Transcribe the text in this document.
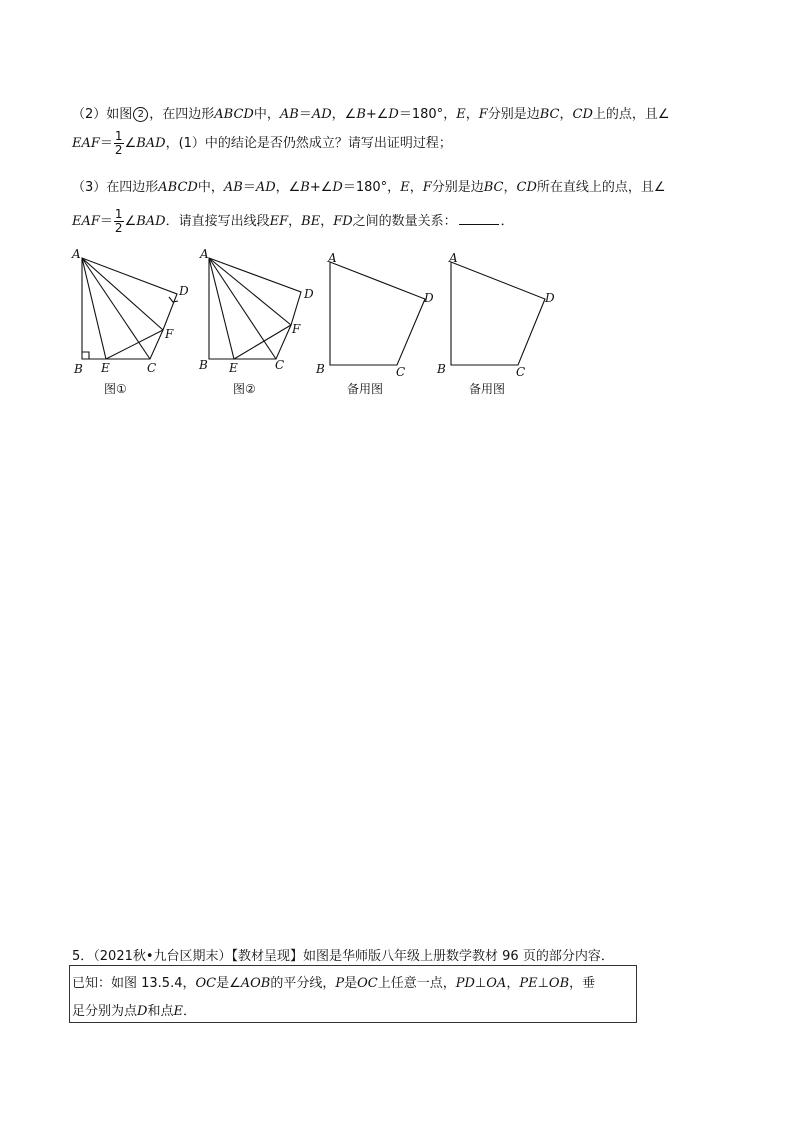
（2）如图 2 ，在四边形ABCD中，AB＝AD，∠B+∠D＝180°，E，F分别是边BC，CD上的点，且∠
$EAF= \frac{1}{2}$ ∠BAD，(1）中的结论是否仍然成立？请写出证明过程；
（3）在四边形ABCD中，AB＝AD，∠B+∠D＝180°，E，F分别是边BC，CD所在直线上的点，且∠
$EAF= \frac{1}{2}$ ∠BAD．请直接写出线段EF，BE，FD之间的数量关系：	．
A
B	C
D
E
F
A
B	C
D
E
F
A
B	C
D
A
B	C
D
图①	图②	备用图	备用图
5．（2021秋•九台区期末）【教材呈现】如图是华师版八年级上册数学教材 96 页的部分内容．
已知：如图 13.5.4，OC是∠AOB的平分线，P是OC上任意一点，PD⊥OA，PE⊥OB，垂
足分别为点D和点E．
